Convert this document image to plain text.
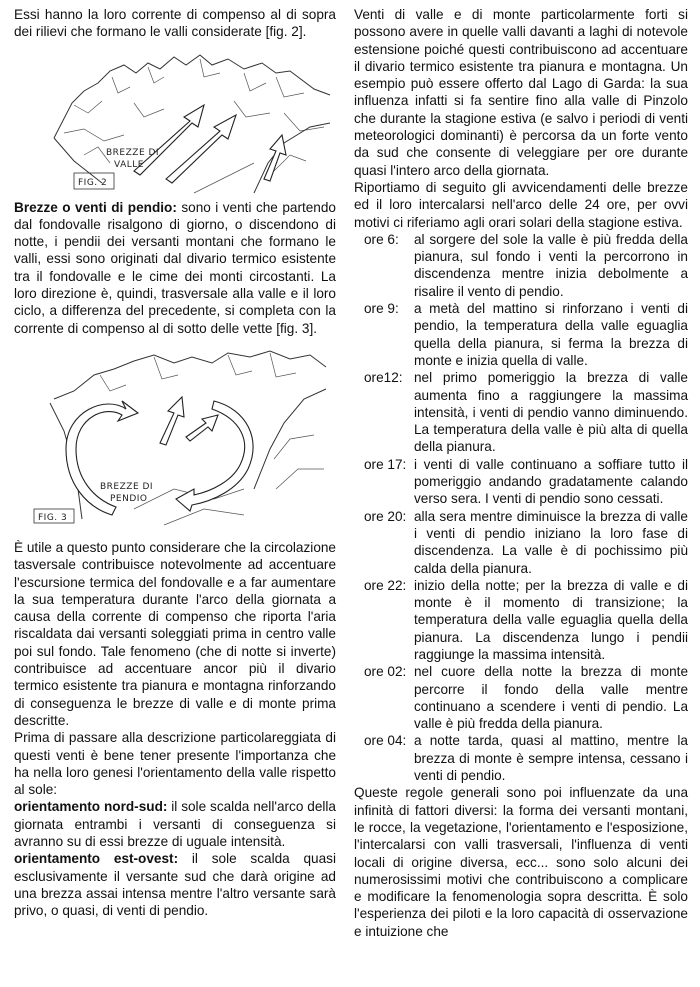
Essi hanno la loro corrente di compenso al di sopra dei rilievi che formano le valli considerate [fig. 2].

BREZZE DI
VALLE
FIG. 2

Brezze o venti di pendio: sono i venti che partendo dal fondovalle risalgono di giorno, o discendono di notte, i pendii dei versanti montani che formano le valli, essi sono originati dal divario termico esistente tra il fondovalle e le cime dei monti circostanti. La loro direzione è, quindi, trasversale alla valle e il loro ciclo, a differenza del precedente, si completa con la corrente di compenso al di sotto delle vette [fig. 3].

BREZZE DI
PENDIO
FIG. 3

È utile a questo punto considerare che la circolazione tasversale contribuisce notevolmente ad accentuare l'escursione termica del fondovalle e a far aumentare la sua temperatura durante l'arco della giornata a causa della corrente di compenso che riporta l'aria riscaldata dai versanti soleggiati prima in centro valle poi sul fondo. Tale fenomeno (che di notte si inverte) contribuisce ad accentuare ancor più il divario termico esistente tra pianura e montagna rinforzando di conseguenza le brezze di valle e di monte prima descritte.

Prima di passare alla descrizione particolareggiata di questi venti è bene tener presente l'importanza che ha nella loro genesi l'orientamento della valle rispetto al sole:

orientamento nord-sud: il sole scalda nell'arco della giornata entrambi i versanti di conseguenza si avranno su di essi brezze di uguale intensità.

orientamento est-ovest: il sole scalda quasi esclusivamente il versante sud che darà origine ad una brezza assai intensa mentre l'altro versante sarà privo, o quasi, di venti di pendio.

Venti di valle e di monte particolarmente forti si possono avere in quelle valli davanti a laghi di notevole estensione poiché questi contribuiscono ad accentuare il divario termico esistente tra pianura e montagna. Un esempio può essere offerto dal Lago di Garda: la sua influenza infatti si fa sentire fino alla valle di Pinzolo che durante la stagione estiva (e salvo i periodi di venti meteorologici dominanti) è percorsa da un forte vento da sud che consente di veleggiare per ore durante quasi l'intero arco della giornata.

Riportiamo di seguito gli avvicendamenti delle brezze ed il loro intercalarsi nell'arco delle 24 ore, per ovvi motivi ci riferiamo agli orari solari della stagione estiva.

ore 6:	al sorgere del sole la valle è più fredda della pianura, sul fondo i venti la percorrono in discendenza mentre inizia debolmente a risalire il vento di pendio.
ore 9:	a metà del mattino si rinforzano i venti di pendio, la temperatura della valle eguaglia quella della pianura, si ferma la brezza di monte e inizia quella di valle.
ore12: nel primo pomeriggio la brezza di valle aumenta fino a raggiungere la massima intensità, i venti di pendio vanno diminuendo. La temperatura della valle è più alta di quella della pianura.
ore 17: i venti di valle continuano a soffiare tutto il pomeriggio andando gradatamente calando verso sera. I venti di pendio sono cessati.
ore 20: alla sera mentre diminuisce la brezza di valle i venti di pendio iniziano la loro fase di discendenza. La valle è di pochissimo più calda della pianura.
ore 22: inizio della notte; per la brezza di valle e di monte è il momento di transizione; la temperatura della valle eguaglia quella della pianura. La discendenza lungo i pendii raggiunge la massima intensità.
ore 02: nel cuore della notte la brezza di monte percorre il fondo della valle mentre continuano a scendere i venti di pendio. La valle è più fredda della pianura.
ore 04: a notte tarda, quasi al mattino, mentre la brezza di monte è sempre intensa, cessano i venti di pendio.

Queste regole generali sono poi influenzate da una infinità di fattori diversi: la forma dei versanti montani, le rocce, la vegetazione, l'orientamento e l'esposizione, l'intercalarsi con valli trasversali, l'influenza di venti locali di origine diversa, ecc... sono solo alcuni dei numerosissimi motivi che contribuiscono a complicare e modificare la fenomenologia sopra descritta. È solo l'esperienza dei piloti e la loro capacità di osservazione e intuizione che
